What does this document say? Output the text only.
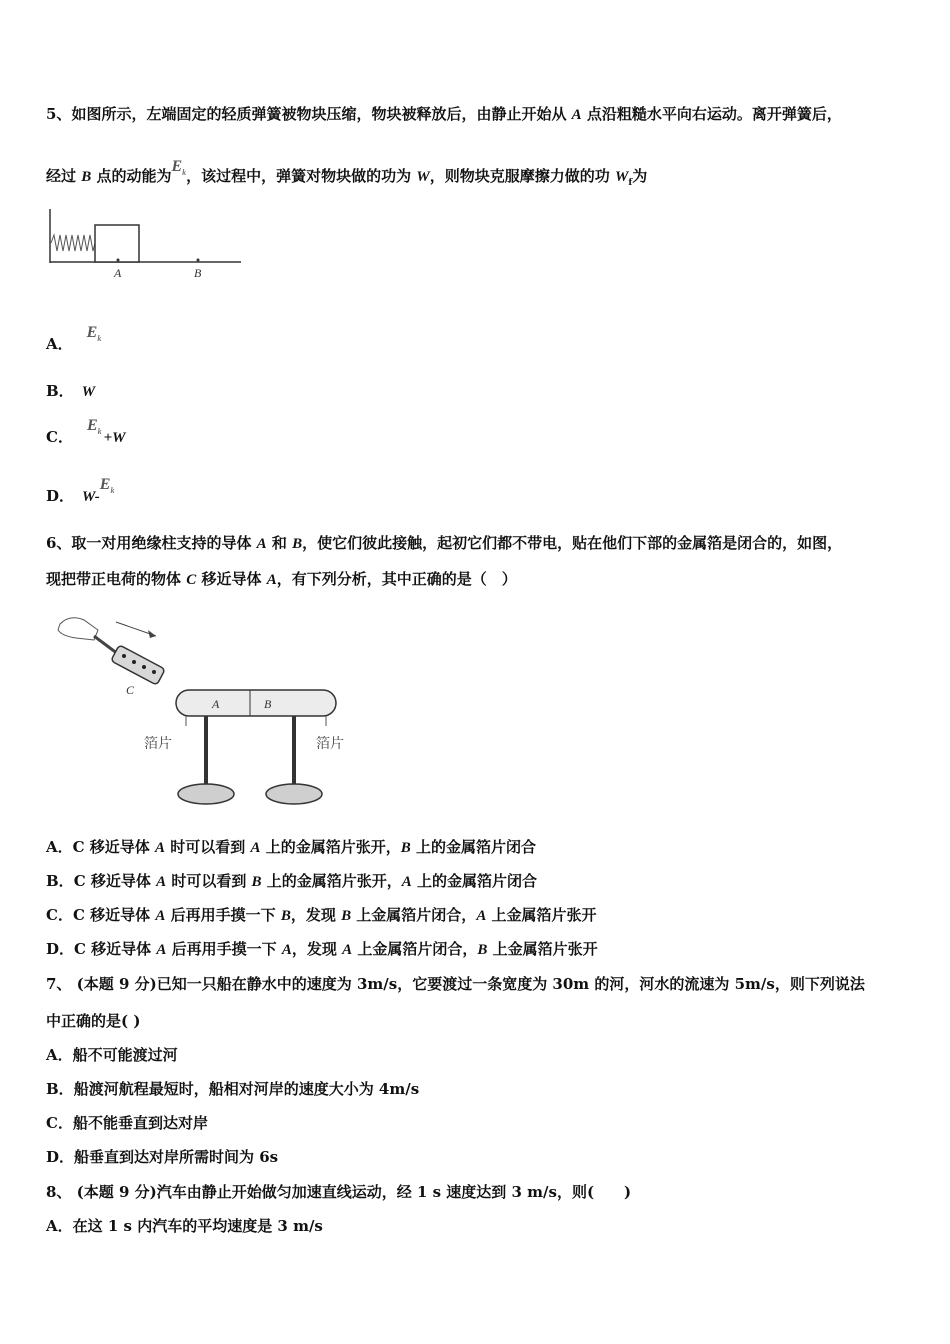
5、如图所示，左端固定的轻质弹簧被物块压缩，物块被释放后，由静止开始从 A 点沿粗糙水平向右运动。离开弹簧后，
经过 B 点的动能为$E_k$，该过程中，弹簧对物块做的功为 W，则物块克服摩擦力做的功 $W_f$为
A	B
A．$E_k$
B． W
C．$E_k +W$
D． $W-E_k$
6、取一对用绝缘柱支持的导体 A 和 B，使它们彼此接触，起初它们都不带电，贴在他们下部的金属箔是闭合的，如图，
现把带正电荷的物体 C 移近导体 A，有下列分析，其中正确的是（　）
C
A	B
箔片	箔片
A．C 移近导体 A 时可以看到 A 上的金属箔片张开，B 上的金属箔片闭合
B．C 移近导体 A 时可以看到 B 上的金属箔片张开，A 上的金属箔片闭合
C．C 移近导体 A 后再用手摸一下 B，发现 B 上金属箔片闭合，A 上金属箔片张开
D．C 移近导体 A 后再用手摸一下 A，发现 A 上金属箔片闭合，B 上金属箔片张开
7、 (本题 9 分)已知一只船在静水中的速度为 3m/s，它要渡过一条宽度为 30m 的河，河水的流速为 5m/s，则下列说法
中正确的是( )
A．船不可能渡过河
B．船渡河航程最短时，船相对河岸的速度大小为 4m/s
C．船不能垂直到达对岸
D．船垂直到达对岸所需时间为 6s
8、 (本题 9 分)汽车由静止开始做匀加速直线运动，经 1 s 速度达到 3 m/s，则(　　)
A．在这 1 s 内汽车的平均速度是 3 m/s
